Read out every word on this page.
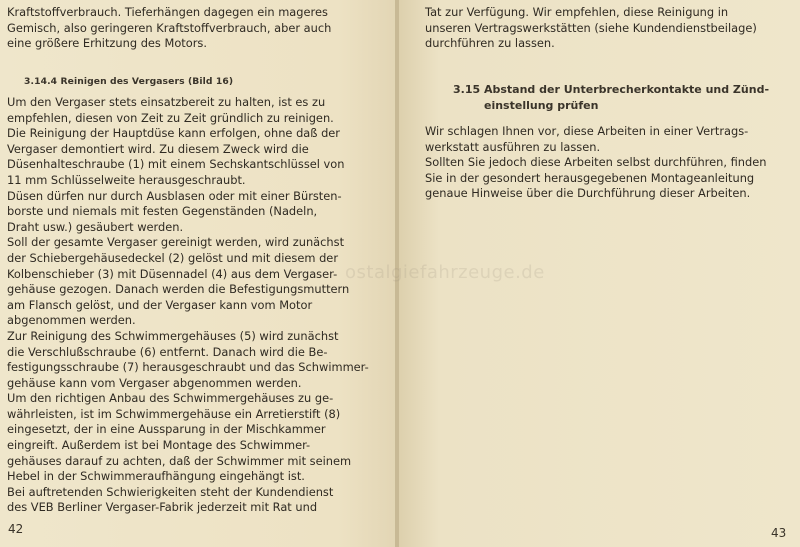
Kraftstoffverbrauch. Tieferhängen dagegen ein mageres

Gemisch, also geringeren Kraftstoffverbrauch, aber auch

eine größere Erhitzung des Motors.

3.14.4 Reinigen des Vergasers (Bild 16)

Um den Vergaser stets einsatzbereit zu halten, ist es zu

empfehlen, diesen von Zeit zu Zeit gründlich zu reinigen.

Die Reinigung der Hauptdüse kann erfolgen, ohne daß der

Vergaser demontiert wird. Zu diesem Zweck wird die

Düsenhalteschraube (1) mit einem Sechskantschlüssel von

11 mm Schlüsselweite herausgeschraubt.

Düsen dürfen nur durch Ausblasen oder mit einer Bürsten-

borste und niemals mit festen Gegenständen (Nadeln,

Draht usw.) gesäubert werden.

Soll der gesamte Vergaser gereinigt werden, wird zunächst

der Schiebergehäusedeckel (2) gelöst und mit diesem der

Kolbenschieber (3) mit Düsennadel (4) aus dem Vergaser-

gehäuse gezogen. Danach werden die Befestigungsmuttern

am Flansch gelöst, und der Vergaser kann vom Motor

abgenommen werden.

Zur Reinigung des Schwimmergehäuses (5) wird zunächst

die Verschlußschraube (6) entfernt. Danach wird die Be-

festigungsschraube (7) herausgeschraubt und das Schwimmer-

gehäuse kann vom Vergaser abgenommen werden.

Um den richtigen Anbau des Schwimmergehäuses zu ge-

währleisten, ist im Schwimmergehäuse ein Arretierstift (8)

eingesetzt, der in eine Aussparung in der Mischkammer

eingreift. Außerdem ist bei Montage des Schwimmer-

gehäuses darauf zu achten, daß der Schwimmer mit seinem

Hebel in der Schwimmeraufhängung eingehängt ist.

Bei auftretenden Schwierigkeiten steht der Kundendienst

des VEB Berliner Vergaser-Fabrik jederzeit mit Rat und

42

Tat zur Verfügung. Wir empfehlen, diese Reinigung in

unseren Vertragswerkstätten (siehe Kundendienstbeilage)

durchführen zu lassen.

3.15 Abstand der Unterbrecherkontakte und Zünd-

einstellung prüfen

Wir schlagen Ihnen vor, diese Arbeiten in einer Vertrags-

werkstatt ausführen zu lassen.

Sollten Sie jedoch diese Arbeiten selbst durchführen, finden

Sie in der gesondert herausgegebenen Montageanleitung

genaue Hinweise über die Durchführung dieser Arbeiten.

43
ostalgiefahrzeuge.de
